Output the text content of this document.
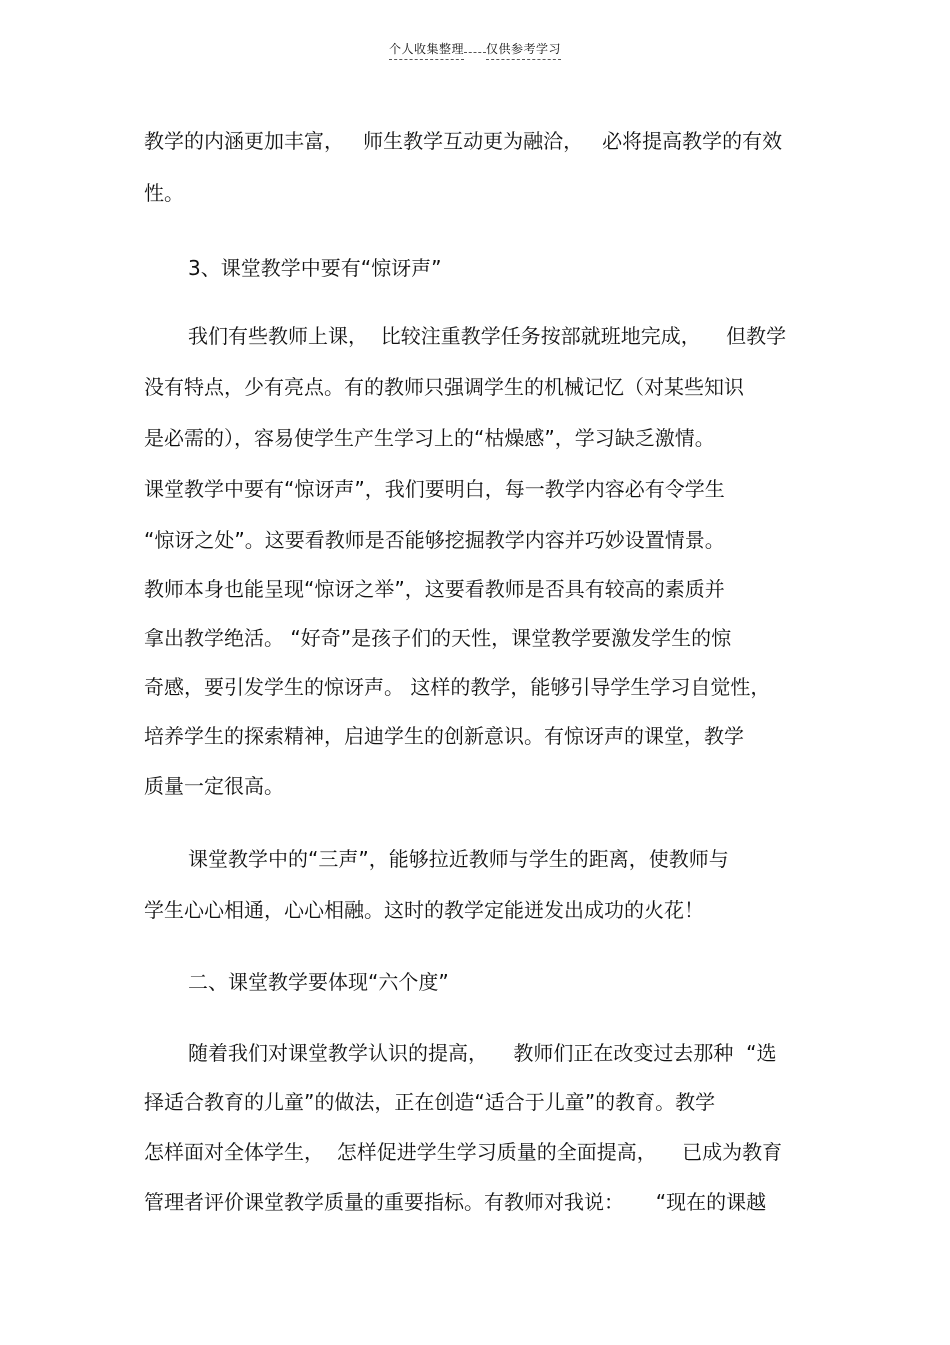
个人收集整理 仅供参考学习
教学的内涵更加丰富，   师生教学互动更为融洽，   必将提高教学的有效
性。
3、课堂教学中要有“惊讶声”
我们有些教师上课，  比较注重教学任务按部就班地完成，    但教学
没有特点，少有亮点。有的教师只强调学生的机械记忆（对某些知识
是必需的），容易使学生产生学习上的“枯燥感”，学习缺乏激情。
课堂教学中要有“惊讶声”，我们要明白，每一教学内容必有令学生
“惊讶之处”。这要看教师是否能够挖掘教学内容并巧妙设置情景。
教师本身也能呈现“惊讶之举”，这要看教师是否具有较高的素质并
拿出教学绝活。 “好奇”是孩子们的天性，课堂教学要激发学生的惊
奇感，要引发学生的惊讶声。 这样的教学，能够引导学生学习自觉性，
培养学生的探索精神，启迪学生的创新意识。有惊讶声的课堂，教学
质量一定很高。
课堂教学中的“三声”，能够拉近教师与学生的距离，使教师与
学生心心相通，心心相融。这时的教学定能迸发出成功的火花！
二、课堂教学要体现“六个度”
随着我们对课堂教学认识的提高，    教师们正在改变过去那种  “选
择适合教育的儿童”的做法，正在创造“适合于儿童”的教育。教学
怎样面对全体学生，  怎样促进学生学习质量的全面提高，    已成为教育
管理者评价课堂教学质量的重要指标。有教师对我说：     “现在的课越
